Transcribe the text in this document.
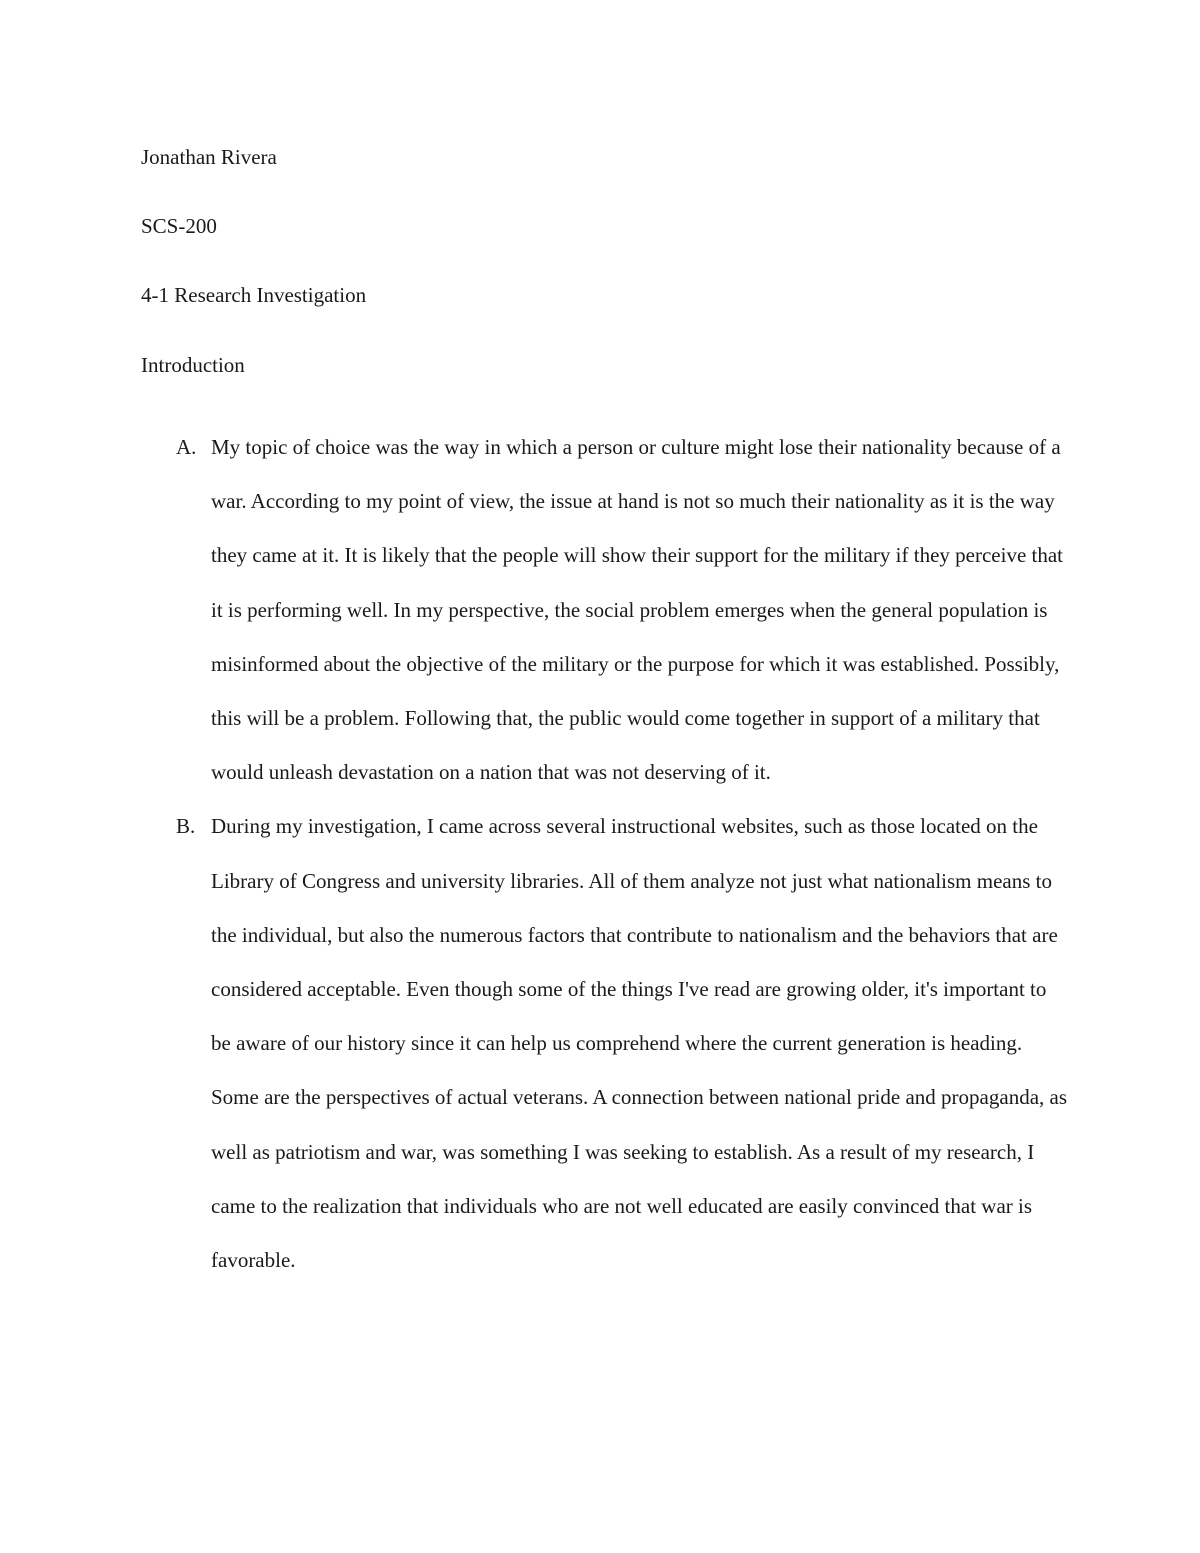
Jonathan Rivera
SCS-200
4-1 Research Investigation
Introduction
A. My topic of choice was the way in which a person or culture might lose their nationality because of a war. According to my point of view, the issue at hand is not so much their nationality as it is the way they came at it. It is likely that the people will show their support for the military if they perceive that it is performing well. In my perspective, the social problem emerges when the general population is misinformed about the objective of the military or the purpose for which it was established. Possibly, this will be a problem. Following that, the public would come together in support of a military that would unleash devastation on a nation that was not deserving of it.
B. During my investigation, I came across several instructional websites, such as those located on the Library of Congress and university libraries. All of them analyze not just what nationalism means to the individual, but also the numerous factors that contribute to nationalism and the behaviors that are considered acceptable. Even though some of the things I've read are growing older, it's important to be aware of our history since it can help us comprehend where the current generation is heading. Some are the perspectives of actual veterans. A connection between national pride and propaganda, as well as patriotism and war, was something I was seeking to establish. As a result of my research, I came to the realization that individuals who are not well educated are easily convinced that war is favorable.
